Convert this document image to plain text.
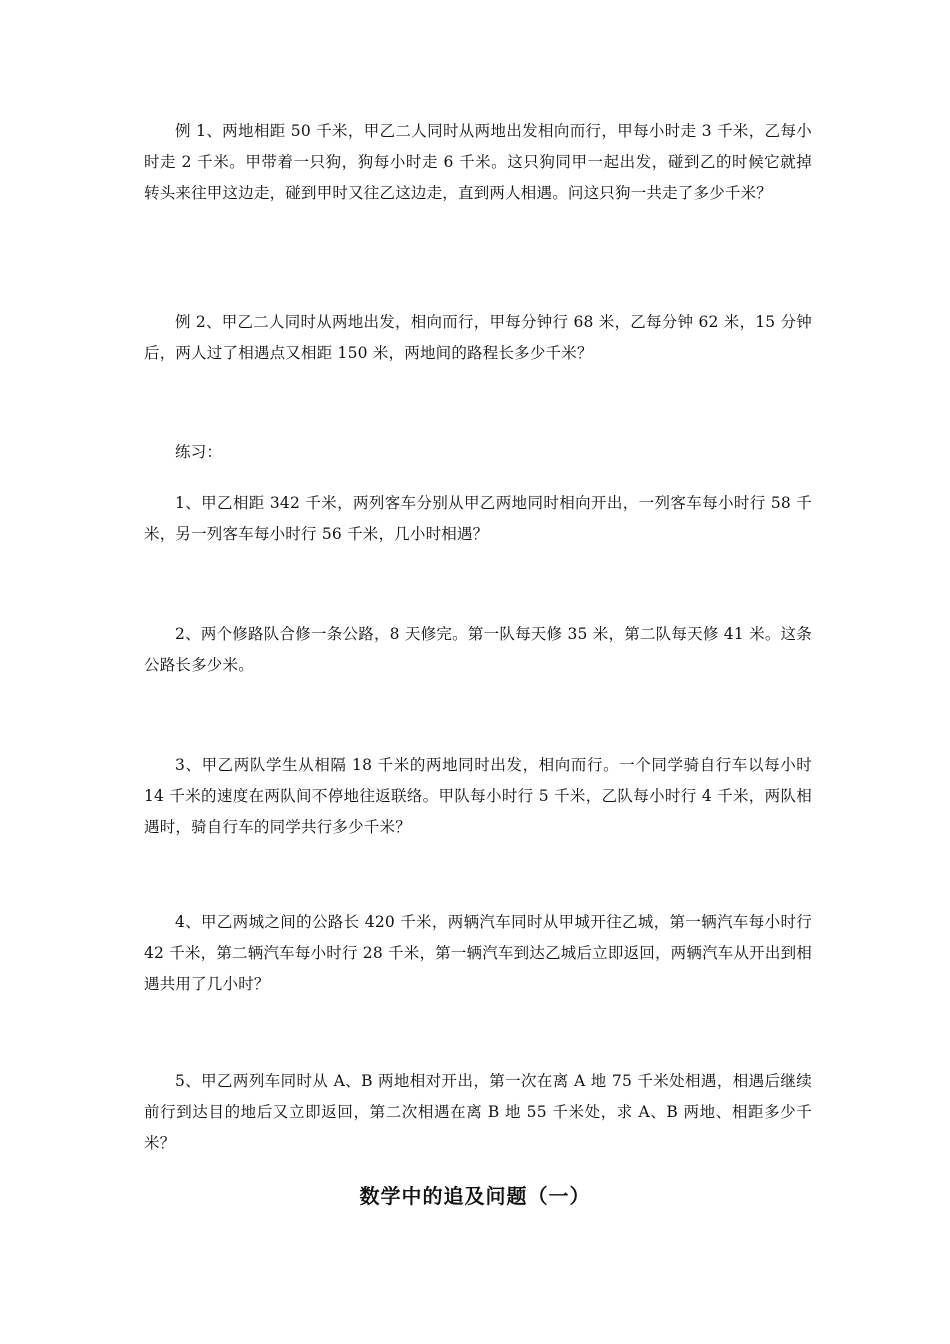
例 1、两地相距 50 千米，甲乙二人同时从两地出发相向而行，甲每小时走 3 千米，乙每小时走 2 千米。甲带着一只狗，狗每小时走 6 千米。这只狗同甲一起出发，碰到乙的时候它就掉转头来往甲这边走，碰到甲时又往乙这边走，直到两人相遇。问这只狗一共走了多少千米？

例 2、甲乙二人同时从两地出发，相向而行，甲每分钟行 68 米，乙每分钟 62 米，15 分钟后，两人过了相遇点又相距 150 米，两地间的路程长多少千米？

练习：

1、甲乙相距 342 千米，两列客车分别从甲乙两地同时相向开出，一列客车每小时行 58 千米，另一列客车每小时行 56 千米，几小时相遇？

2、两个修路队合修一条公路，8 天修完。第一队每天修 35 米，第二队每天修 41 米。这条公路长多少米。

3、甲乙两队学生从相隔 18 千米的两地同时出发，相向而行。一个同学骑自行车以每小时 14 千米的速度在两队间不停地往返联络。甲队每小时行 5 千米，乙队每小时行 4 千米，两队相遇时，骑自行车的同学共行多少千米？

4、甲乙两城之间的公路长 420 千米，两辆汽车同时从甲城开往乙城，第一辆汽车每小时行 42 千米，第二辆汽车每小时行 28 千米，第一辆汽车到达乙城后立即返回，两辆汽车从开出到相遇共用了几小时？

5、甲乙两列车同时从 A、B 两地相对开出，第一次在离 A 地 75 千米处相遇，相遇后继续前行到达目的地后又立即返回，第二次相遇在离 B 地 55 千米处，求 A、B 两地、相距多少千米？

数学中的追及问题（一）
